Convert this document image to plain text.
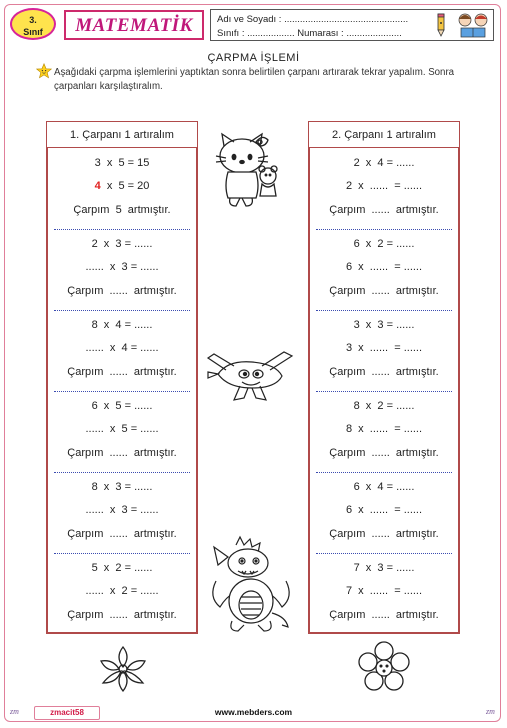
3.
Sınıf	MATEMATİK	Adı ve Soyadı : ...............................................
Sınıfı : .................. Numarası : .....................
ÇARPMA İŞLEMİ
Aşağıdaki çarpma işlemlerini yaptıktan sonra belirtilen çarpanı artırarak tekrar yapalım. Sonra çarpanları karşılaştıralım.
1. Çarpanı 1 artıralım
3  x  5 = 15
4  x  5 = 20
Çarpım  5  artmıştır.
2  x  3 = ......
......  x  3 = ......
Çarpım  ......  artmıştır.
8  x  4 = ......
......  x  4 = ......
Çarpım  ......  artmıştır.
6  x  5 = ......
......  x  5 = ......
Çarpım  ......  artmıştır.
8  x  3 = ......
......  x  3 = ......
Çarpım  ......  artmıştır.
5  x  2 = ......
......  x  2 = ......
Çarpım  ......  artmıştır.
2. Çarpanı 1 artıralım
2  x  4 = ......
2  x  ......  = ......
Çarpım  ......  artmıştır.
6  x  2 = ......
6  x  ......  = ......
Çarpım  ......  artmıştır.
3  x  3 = ......
3  x  ......  = ......
Çarpım  ......  artmıştır.
8  x  2 = ......
8  x  ......  = ......
Çarpım  ......  artmıştır.
6  x  4 = ......
6  x  ......  = ......
Çarpım  ......  artmıştır.
7  x  3 = ......
7  x  ......  = ......
Çarpım  ......  artmıştır.
zmacit58	www.mebders.com
zm	zm
